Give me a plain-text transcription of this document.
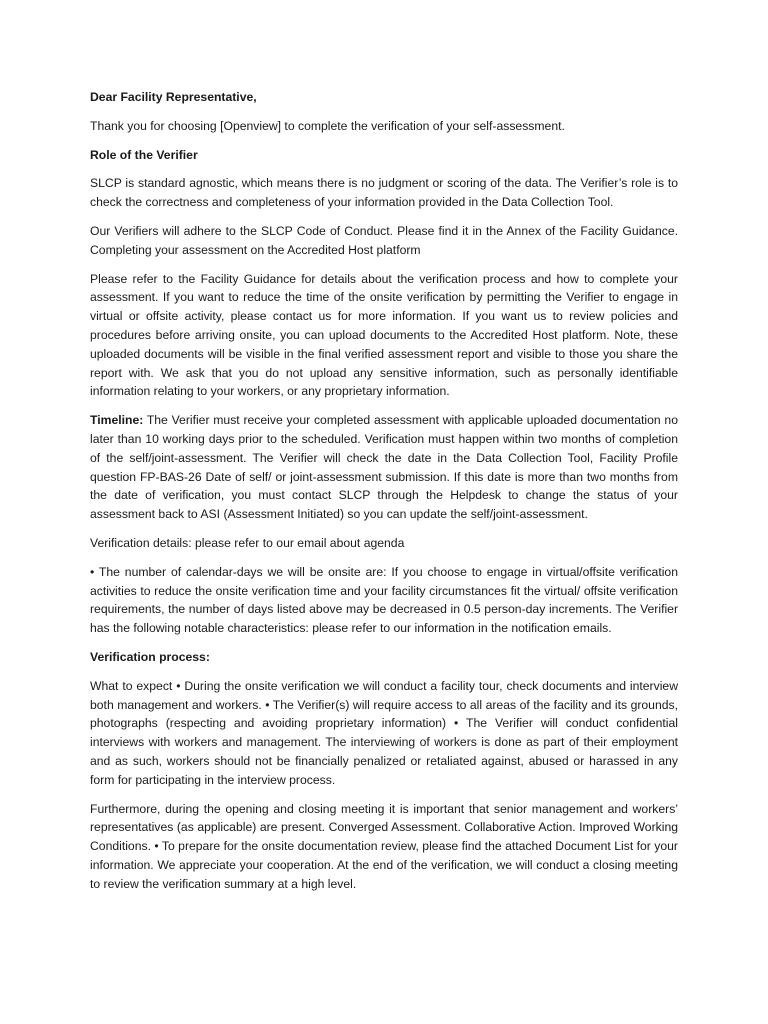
Dear Facility Representative,

Thank you for choosing [Openview] to complete the verification of your self-assessment.

Role of the Verifier

SLCP is standard agnostic, which means there is no judgment or scoring of the data. The Verifier’s role is to check the correctness and completeness of your information provided in the Data Collection Tool.

Our Verifiers will adhere to the SLCP Code of Conduct. Please find it in the Annex of the Facility Guidance. Completing your assessment on the Accredited Host platform

Please refer to the Facility Guidance for details about the verification process and how to complete your assessment. If you want to reduce the time of the onsite verification by permitting the Verifier to engage in virtual or offsite activity, please contact us for more information. If you want us to review policies and procedures before arriving onsite, you can upload documents to the Accredited Host platform. Note, these uploaded documents will be visible in the final verified assessment report and visible to those you share the report with. We ask that you do not upload any sensitive information, such as personally identifiable information relating to your workers, or any proprietary information.

Timeline: The Verifier must receive your completed assessment with applicable uploaded documentation no later than 10 working days prior to the scheduled. Verification must happen within two months of completion of the self/joint-assessment. The Verifier will check the date in the Data Collection Tool, Facility Profile question FP-BAS-26 Date of self/ or joint-assessment submission. If this date is more than two months from the date of verification, you must contact SLCP through the Helpdesk to change the status of your assessment back to ASI (Assessment Initiated) so you can update the self/joint-assessment.

Verification details: please refer to our email about agenda

• The number of calendar-days we will be onsite are: If you choose to engage in virtual/offsite verification activities to reduce the onsite verification time and your facility circumstances fit the virtual/ offsite verification requirements, the number of days listed above may be decreased in 0.5 person-day increments. The Verifier has the following notable characteristics: please refer to our information in the notification emails.

Verification process:

What to expect • During the onsite verification we will conduct a facility tour, check documents and interview both management and workers. • The Verifier(s) will require access to all areas of the facility and its grounds, photographs (respecting and avoiding proprietary information) • The Verifier will conduct confidential interviews with workers and management. The interviewing of workers is done as part of their employment and as such, workers should not be financially penalized or retaliated against, abused or harassed in any form for participating in the interview process.

Furthermore, during the opening and closing meeting it is important that senior management and workers’ representatives (as applicable) are present. Converged Assessment. Collaborative Action. Improved Working Conditions. • To prepare for the onsite documentation review, please find the attached Document List for your information. We appreciate your cooperation. At the end of the verification, we will conduct a closing meeting to review the verification summary at a high level.
